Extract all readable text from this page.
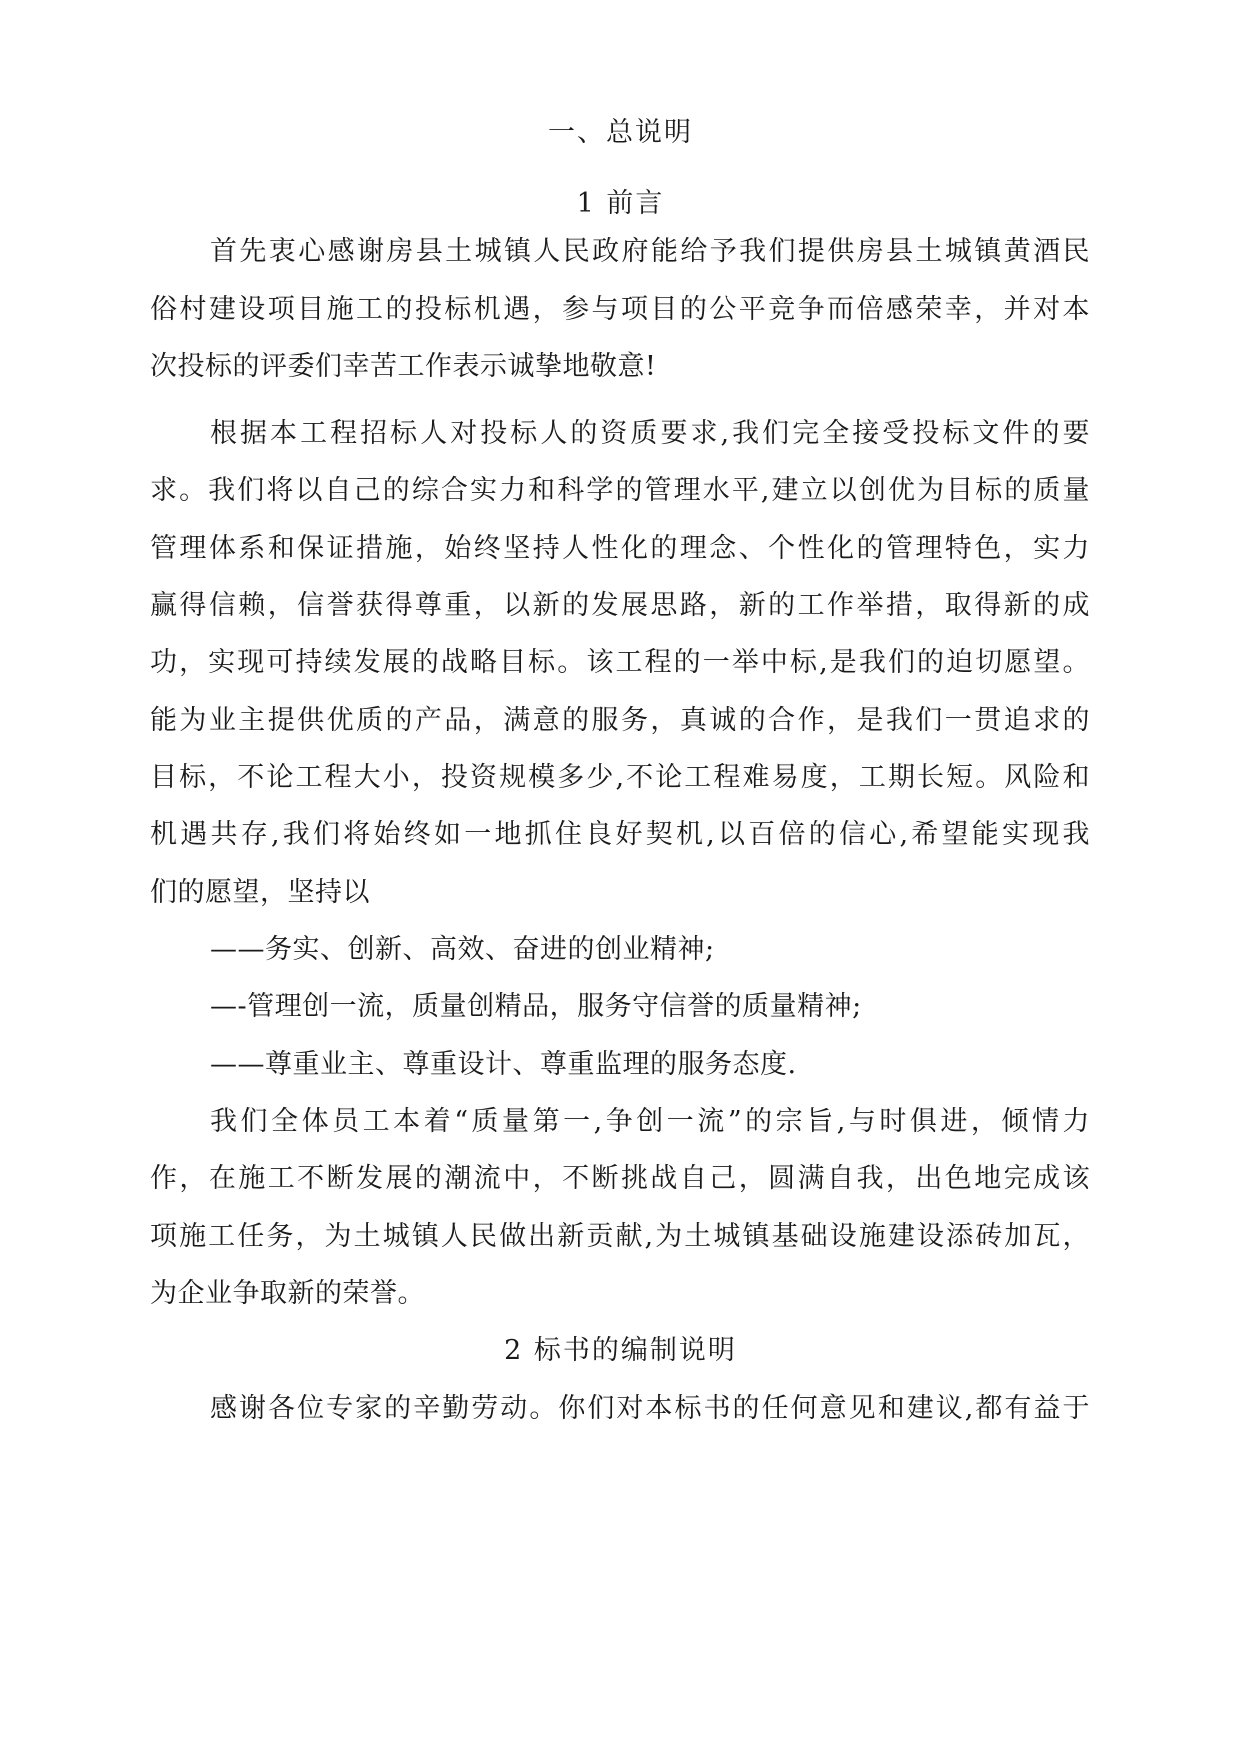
一、总说明
1 前言
首先衷心感谢房县土城镇人民政府能给予我们提供房县土城镇黄酒民
俗村建设项目施工的投标机遇，参与项目的公平竞争而倍感荣幸，并对本
次投标的评委们幸苦工作表示诚挚地敬意!
根据本工程招标人对投标人的资质要求,我们完全接受投标文件的要
求。我们将以自己的综合实力和科学的管理水平,建立以创优为目标的质量
管理体系和保证措施，始终坚持人性化的理念、个性化的管理特色，实力
赢得信赖，信誉获得尊重，以新的发展思路，新的工作举措，取得新的成
功，实现可持续发展的战略目标。该工程的一举中标,是我们的迫切愿望。
能为业主提供优质的产品，满意的服务，真诚的合作，是我们一贯追求的
目标，不论工程大小，投资规模多少,不论工程难易度，工期长短。风险和
机遇共存,我们将始终如一地抓住良好契机,以百倍的信心,希望能实现我
们的愿望，坚持以
——务实、创新、高效、奋进的创业精神;
—-管理创一流，质量创精品，服务守信誉的质量精神;
——尊重业主、尊重设计、尊重监理的服务态度.
我们全体员工本着“质量第一,争创一流”的宗旨,与时俱进，倾情力
作，在施工不断发展的潮流中，不断挑战自己，圆满自我，出色地完成该
项施工任务，为土城镇人民做出新贡献,为土城镇基础设施建设添砖加瓦，
为企业争取新的荣誉。
2 标书的编制说明
感谢各位专家的辛勤劳动。你们对本标书的任何意见和建议,都有益于
